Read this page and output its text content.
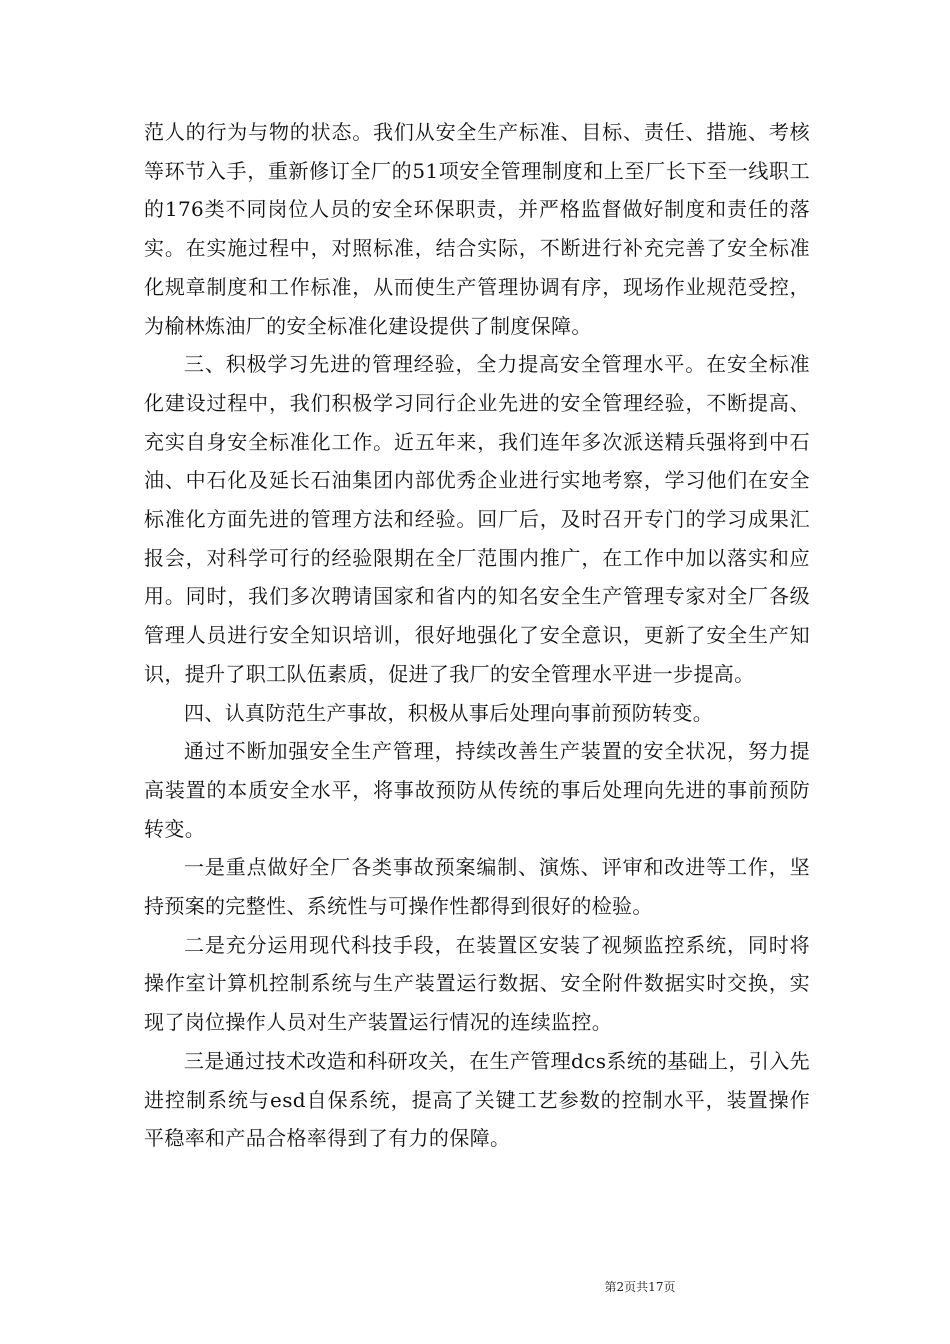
范人的行为与物的状态。我们从安全生产标准、目标、责任、措施、考核等环节入手，重新修订全厂的51项安全管理制度和上至厂长下至一线职工的176类不同岗位人员的安全环保职责，并严格监督做好制度和责任的落实。在实施过程中，对照标准，结合实际，不断进行补充完善了安全标准化规章制度和工作标准，从而使生产管理协调有序，现场作业规范受控，为榆林炼油厂的安全标准化建设提供了制度保障。

三、积极学习先进的管理经验，全力提高安全管理水平。在安全标准化建设过程中，我们积极学习同行企业先进的安全管理经验，不断提高、充实自身安全标准化工作。近五年来，我们连年多次派送精兵强将到中石油、中石化及延长石油集团内部优秀企业进行实地考察，学习他们在安全标准化方面先进的管理方法和经验。回厂后，及时召开专门的学习成果汇报会，对科学可行的经验限期在全厂范围内推广，在工作中加以落实和应用。同时，我们多次聘请国家和省内的知名安全生产管理专家对全厂各级管理人员进行安全知识培训，很好地强化了安全意识，更新了安全生产知识，提升了职工队伍素质，促进了我厂的安全管理水平进一步提高。

四、认真防范生产事故，积极从事后处理向事前预防转变。

通过不断加强安全生产管理，持续改善生产装置的安全状况，努力提高装置的本质安全水平，将事故预防从传统的事后处理向先进的事前预防转变。

一是重点做好全厂各类事故预案编制、演炼、评审和改进等工作，坚持预案的完整性、系统性与可操作性都得到很好的检验。

二是充分运用现代科技手段，在装置区安装了视频监控系统，同时将操作室计算机控制系统与生产装置运行数据、安全附件数据实时交换，实现了岗位操作人员对生产装置运行情况的连续监控。

三是通过技术改造和科研攻关，在生产管理dcs系统的基础上，引入先进控制系统与esd自保系统，提高了关键工艺参数的控制水平，装置操作平稳率和产品合格率得到了有力的保障。

第2页共17页
